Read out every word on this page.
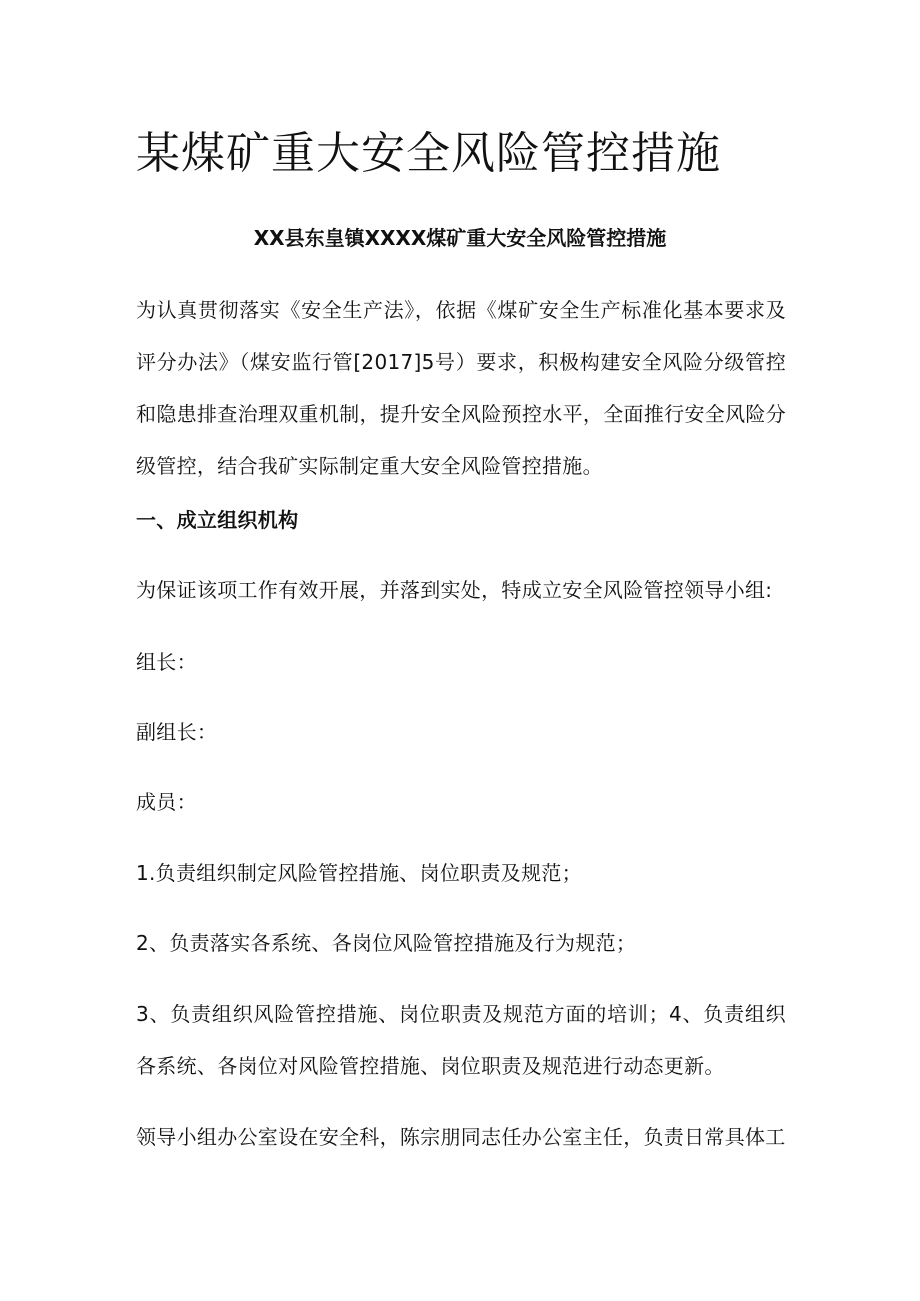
某煤矿重大安全风险管控措施
XX县东皇镇XXXX煤矿重大安全风险管控措施

为认真贯彻落实《安全生产法》，依据《煤矿安全生产标准化基本要求及评分办法》（煤安监行管[2017]5号）要求，积极构建安全风险分级管控和隐患排查治理双重机制，提升安全风险预控水平，全面推行安全风险分级管控，结合我矿实际制定重大安全风险管控措施。

一、成立组织机构

为保证该项工作有效开展，并落到实处，特成立安全风险管控领导小组:

组长：

副组长：

成员：

1.负责组织制定风险管控措施、岗位职责及规范；

2、负责落实各系统、各岗位风险管控措施及行为规范；

3、负责组织风险管控措施、岗位职责及规范方面的培训；4、负责组织各系统、各岗位对风险管控措施、岗位职责及规范进行动态更新。

领导小组办公室设在安全科，陈宗朋同志任办公室主任，负责日常具体工
